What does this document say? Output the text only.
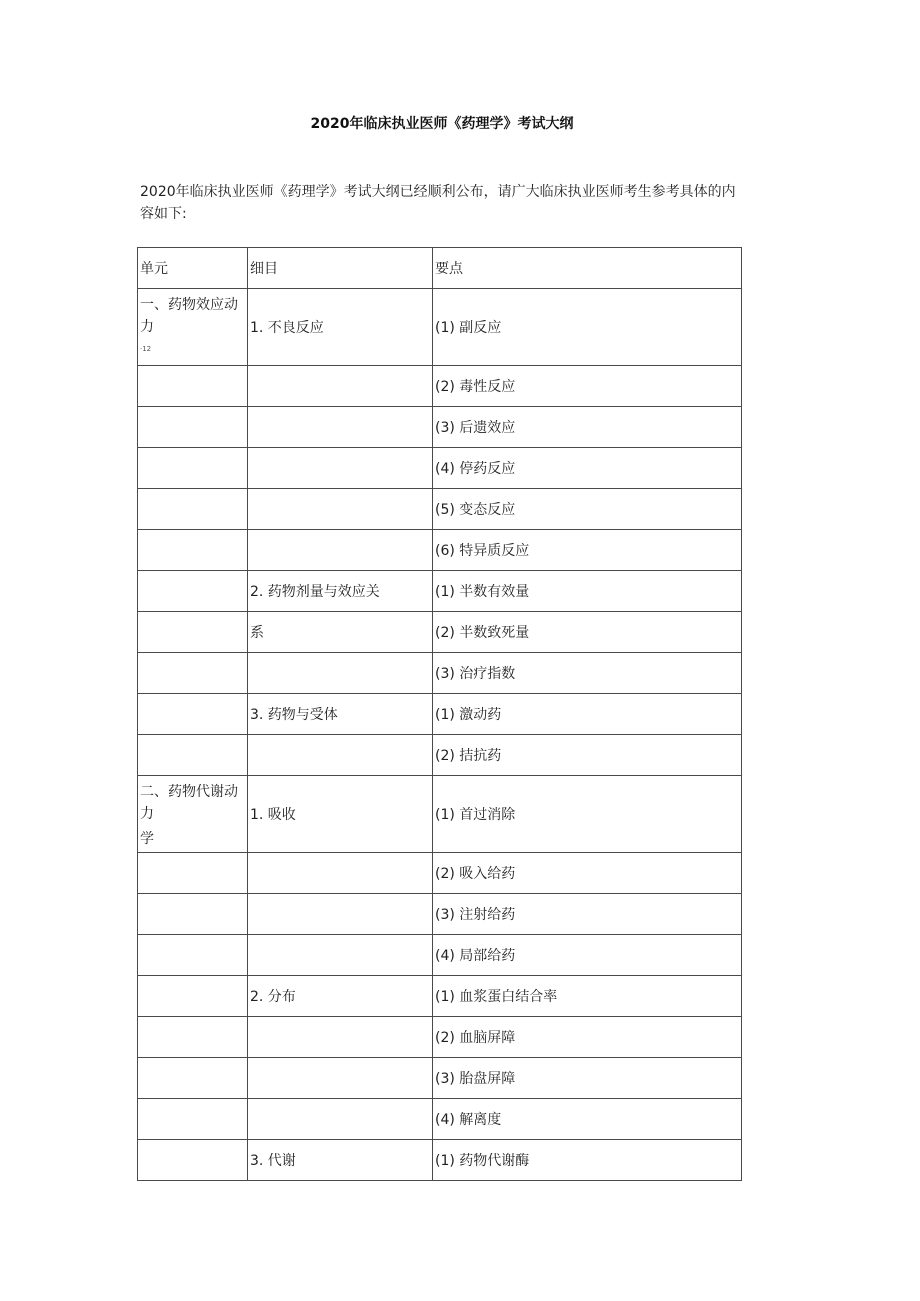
2020年临床执业医师《药理学》考试大纲
2020年临床执业医师《药理学》考试大纲已经顺利公布，请广大临床执业医师考生参考具体的内容如下:
单元	细目	要点

一、药物效应动力
·12	1. 不良反应	(1) 副反应
		(2) 毒性反应
		(3) 后遗效应
		(4) 停药反应
		(5) 变态反应
		(6) 特异质反应
	2. 药物剂量与效应关	(1) 半数有效量
	系	(2) 半数致死量
		(3) 治疗指数
	3. 药物与受体	(1) 激动药
		(2) 拮抗药

二、药物代谢动力
学	1. 吸收	(1) 首过消除
		(2) 吸入给药
		(3) 注射给药
		(4) 局部给药
	2. 分布	(1) 血浆蛋白结合率
		(2) 血脑屏障
		(3) 胎盘屏障
		(4) 解离度
	3. 代谢	(1) 药物代谢酶
